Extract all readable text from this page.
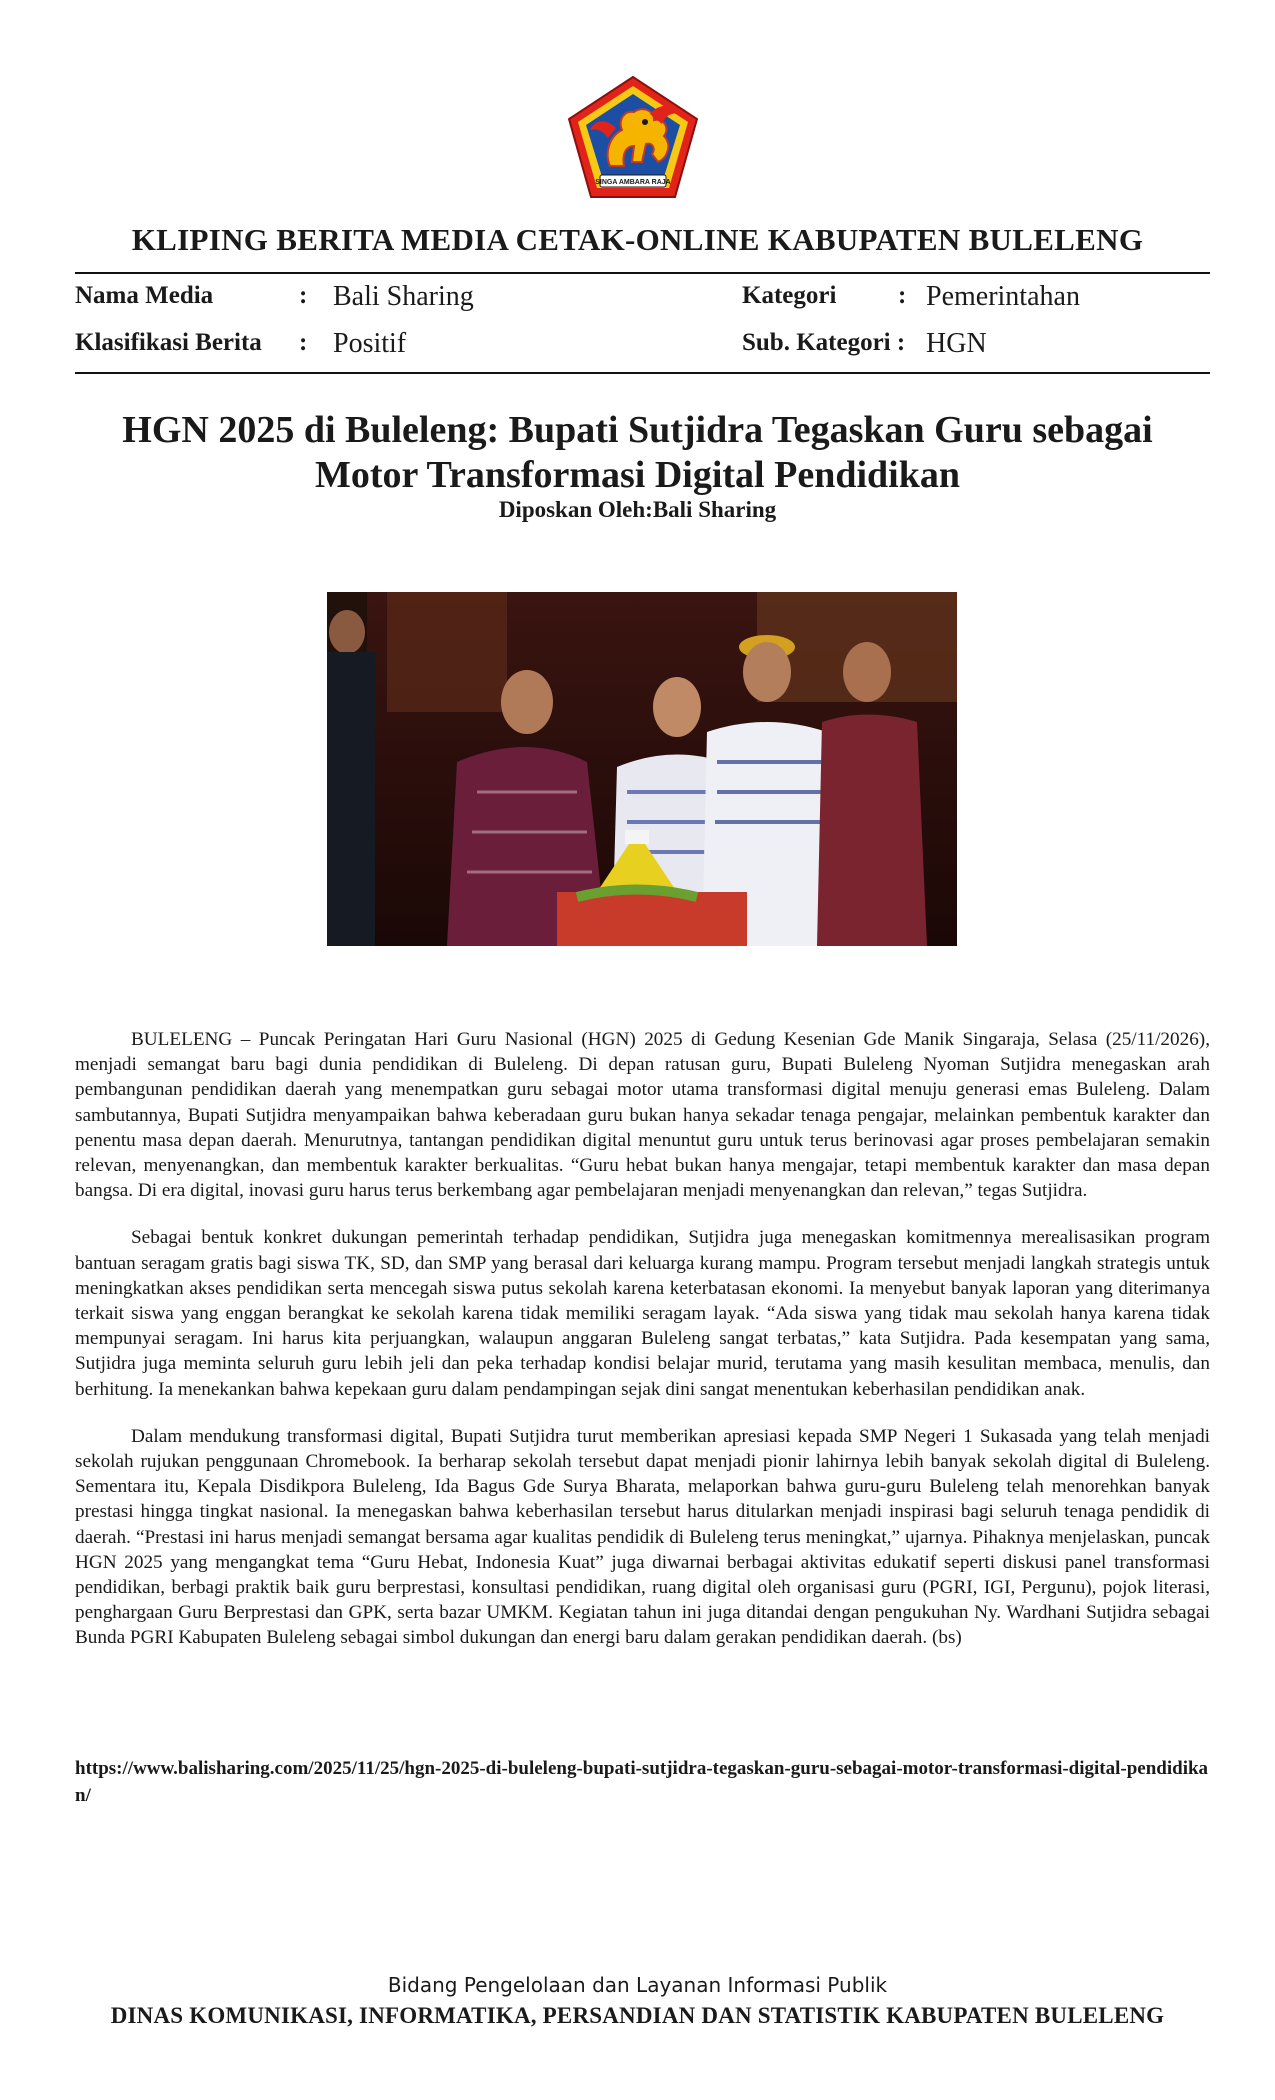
SINGA AMBARA RAJA
KLIPING BERITA MEDIA CETAK-ONLINE KABUPATEN BULELENG
Nama Media	: Bali Sharing	Kategori : Pemerintahan
Klasifikasi Berita : Positif	Sub. Kategori : HGN
HGN 2025 di Buleleng: Bupati Sutjidra Tegaskan Guru sebagai Motor Transformasi Digital Pendidikan
Diposkan Oleh:Bali Sharing

BULELENG – Puncak Peringatan Hari Guru Nasional (HGN) 2025 di Gedung Kesenian Gde Manik Singaraja, Selasa (25/11/2026), menjadi semangat baru bagi dunia pendidikan di Buleleng. Di depan ratusan guru, Bupati Buleleng Nyoman Sutjidra menegaskan arah pembangunan pendidikan daerah yang menempatkan guru sebagai motor utama transformasi digital menuju generasi emas Buleleng. Dalam sambutannya, Bupati Sutjidra menyampaikan bahwa keberadaan guru bukan hanya sekadar tenaga pengajar, melainkan pembentuk karakter dan penentu masa depan daerah. Menurutnya, tantangan pendidikan digital menuntut guru untuk terus berinovasi agar proses pembelajaran semakin relevan, menyenangkan, dan membentuk karakter berkualitas. “Guru hebat bukan hanya mengajar, tetapi membentuk karakter dan masa depan bangsa. Di era digital, inovasi guru harus terus berkembang agar pembelajaran menjadi menyenangkan dan relevan,” tegas Sutjidra.

Sebagai bentuk konkret dukungan pemerintah terhadap pendidikan, Sutjidra juga menegaskan komitmennya merealisasikan program bantuan seragam gratis bagi siswa TK, SD, dan SMP yang berasal dari keluarga kurang mampu. Program tersebut menjadi langkah strategis untuk meningkatkan akses pendidikan serta mencegah siswa putus sekolah karena keterbatasan ekonomi. Ia menyebut banyak laporan yang diterimanya terkait siswa yang enggan berangkat ke sekolah karena tidak memiliki seragam layak. “Ada siswa yang tidak mau sekolah hanya karena tidak mempunyai seragam. Ini harus kita perjuangkan, walaupun anggaran Buleleng sangat terbatas,” kata Sutjidra. Pada kesempatan yang sama, Sutjidra juga meminta seluruh guru lebih jeli dan peka terhadap kondisi belajar murid, terutama yang masih kesulitan membaca, menulis, dan berhitung. Ia menekankan bahwa kepekaan guru dalam pendampingan sejak dini sangat menentukan keberhasilan pendidikan anak.

Dalam mendukung transformasi digital, Bupati Sutjidra turut memberikan apresiasi kepada SMP Negeri 1 Sukasada yang telah menjadi sekolah rujukan penggunaan Chromebook. Ia berharap sekolah tersebut dapat menjadi pionir lahirnya lebih banyak sekolah digital di Buleleng. Sementara itu, Kepala Disdikpora Buleleng, Ida Bagus Gde Surya Bharata, melaporkan bahwa guru-guru Buleleng telah menorehkan banyak prestasi hingga tingkat nasional. Ia menegaskan bahwa keberhasilan tersebut harus ditularkan menjadi inspirasi bagi seluruh tenaga pendidik di daerah. “Prestasi ini harus menjadi semangat bersama agar kualitas pendidik di Buleleng terus meningkat,” ujarnya. Pihaknya menjelaskan, puncak HGN 2025 yang mengangkat tema “Guru Hebat, Indonesia Kuat” juga diwarnai berbagai aktivitas edukatif seperti diskusi panel transformasi pendidikan, berbagi praktik baik guru berprestasi, konsultasi pendidikan, ruang digital oleh organisasi guru (PGRI, IGI, Pergunu), pojok literasi, penghargaan Guru Berprestasi dan GPK, serta bazar UMKM. Kegiatan tahun ini juga ditandai dengan pengukuhan Ny. Wardhani Sutjidra sebagai Bunda PGRI Kabupaten Buleleng sebagai simbol dukungan dan energi baru dalam gerakan pendidikan daerah. (bs)

https://www.balisharing.com/2025/11/25/hgn-2025-di-buleleng-bupati-sutjidra-tegaskan-guru-sebagai-motor-transformasi-digital-pendidikan/
Bidang Pengelolaan dan Layanan Informasi Publik
DINAS KOMUNIKASI, INFORMATIKA, PERSANDIAN DAN STATISTIK KABUPATEN BULELENG
